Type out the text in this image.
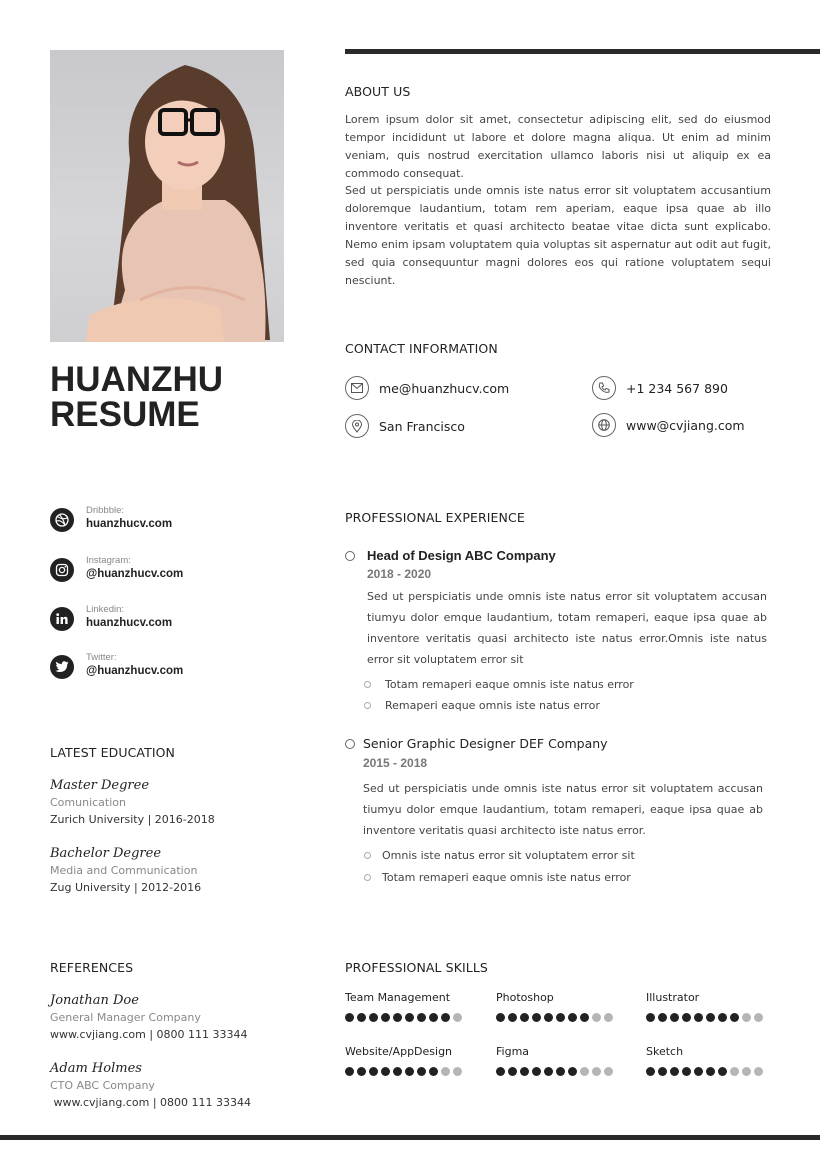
HUANZHU
RESUME
ABOUT US
Lorem ipsum dolor sit amet, consectetur adipiscing elit, sed do eiusmod tempor incididunt ut labore et dolore magna aliqua. Ut enim ad minim veniam, quis nostrud exercitation ullamco laboris nisi ut aliquip ex ea commodo consequat.
Sed ut perspiciatis unde omnis iste natus error sit voluptatem accusantium doloremque laudantium, totam rem aperiam, eaque ipsa quae ab illo inventore veritatis et quasi architecto beatae vitae dicta sunt explicabo. Nemo enim ipsam voluptatem quia voluptas sit aspernatur aut odit aut fugit, sed quia consequuntur magni dolores eos qui ratione voluptatem sequi nesciunt.
CONTACT INFORMATION
me@huanzhucv.com	+1 234 567 890
San Francisco	www@cvjiang.com
Dribbble:
huanzhucv.com
Instagram:
@huanzhucv.com
Linkedin:
huanzhucv.com
Twitter:
@huanzhucv.com
LATEST EDUCATION
Master Degree
Comunication
Zurich University | 2016-2018
Bachelor Degree
Media and Communication
Zug University | 2012-2016
PROFESSIONAL EXPERIENCE
Head of Design ABC Company
2018 - 2020
Sed ut perspiciatis unde omnis iste natus error sit voluptatem accusan tiumyu dolor emque laudantium, totam remaperi, eaque ipsa quae ab inventore veritatis quasi architecto iste natus error.Omnis iste natus error sit voluptatem error sit
Totam remaperi eaque omnis iste natus error
Remaperi eaque omnis iste natus error
Senior Graphic Designer DEF Company
2015 - 2018
Sed ut perspiciatis unde omnis iste natus error sit voluptatem accusan tiumyu dolor emque laudantium, totam remaperi, eaque ipsa quae ab inventore veritatis quasi architecto iste natus error.
Omnis iste natus error sit voluptatem error sit
Totam remaperi eaque omnis iste natus error
REFERENCES
Jonathan Doe
General Manager Company
www.cvjiang.com | 0800 111 33344
Adam Holmes
CTO ABC Company
www.cvjiang.com | 0800 111 33344
PROFESSIONAL SKILLS
Team Management	Photoshop	Illustrator
Website/AppDesign	Figma	Sketch
